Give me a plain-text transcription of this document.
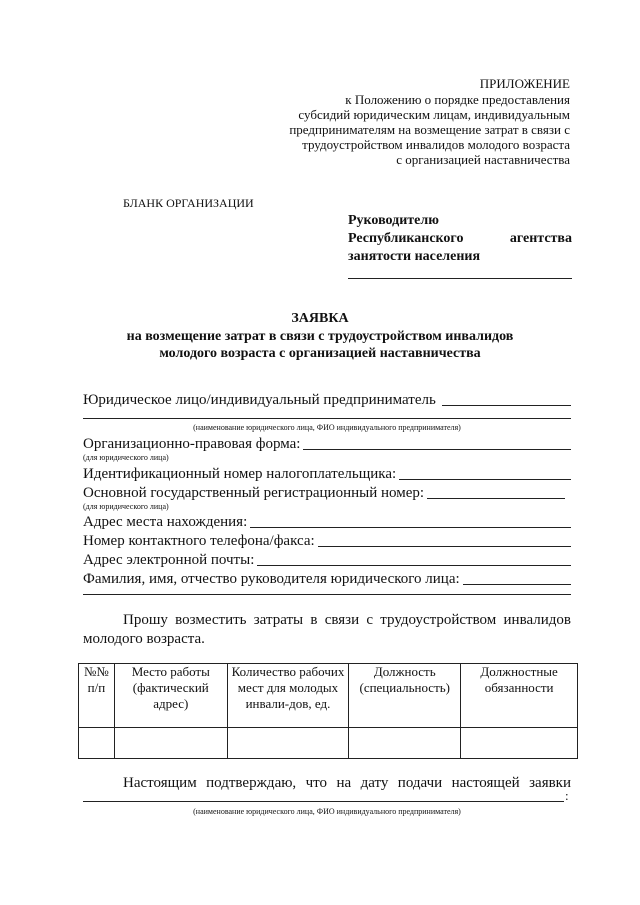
ПРИЛОЖЕНИЕ
к Положению о порядке предоставления
субсидий юридическим лицам, индивидуальным
предпринимателям на возмещение затрат в связи с
трудоустройством инвалидов молодого возраста
с организацией наставничества
БЛАНК ОРГАНИЗАЦИИ
Руководителю
Республиканского	агентства
занятости населения
ЗАЯВКА
на возмещение затрат в связи с трудоустройством инвалидов
молодого возраста с организацией наставничества
Юридическое лицо/индивидуальный предприниматель
(наименование юридического лица, ФИО индивидуального предпринимателя)
Организационно-правовая форма:
(для юридического лица)
Идентификационный номер налогоплательщика:
Основной государственный регистрационный номер:
(для юридического лица)
Адрес места нахождения:
Номер контактного телефона/факса:
Адрес электронной почты:
Фамилия, имя, отчество руководителя юридического лица:
Прошу возместить затраты в связи с трудоустройством инвалидов
молодого возраста.
№№ п/п	Место работы (фактический адрес)	Количество рабочих мест для молодых инвали-дов, ед.	Должность (специальность)	Должностные обязанности

Настоящим подтверждаю, что на дату подачи настоящей заявки
:
(наименование юридического лица, ФИО индивидуального предпринимателя)
